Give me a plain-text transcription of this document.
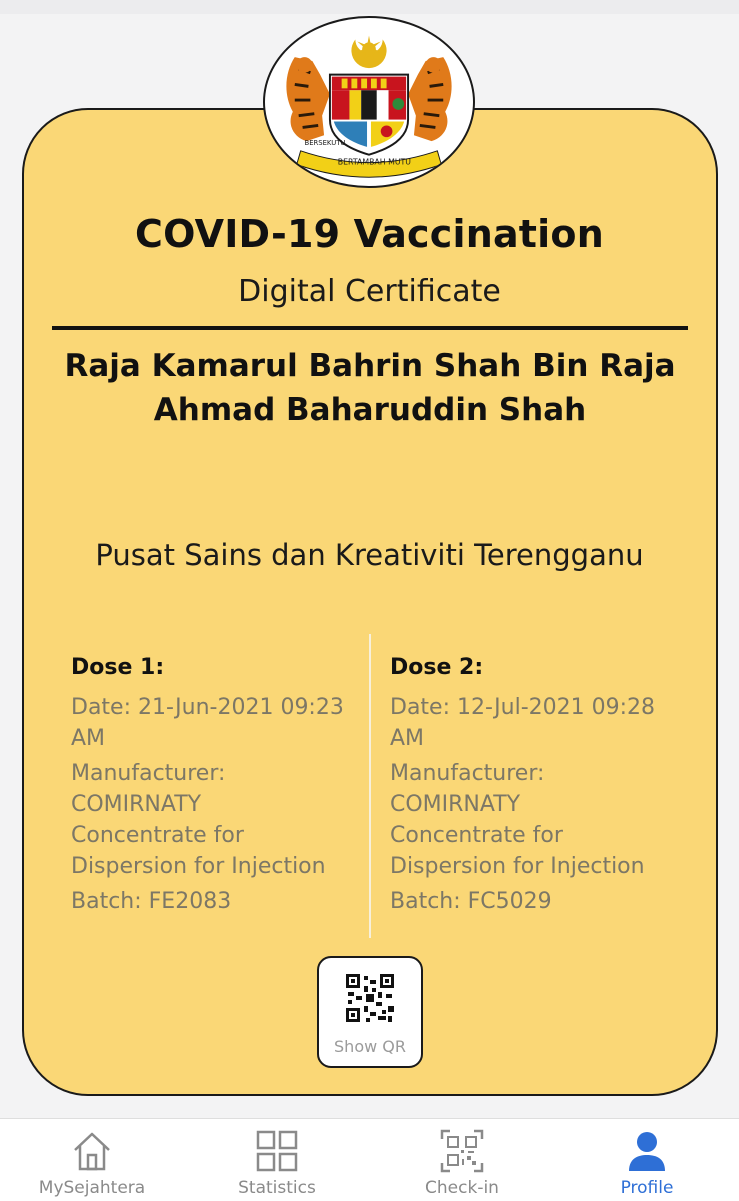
BERTAMBAH MUTU
BERSEKUTU
COVID-19 Vaccination
Digital Certificate
Raja Kamarul Bahrin Shah Bin Raja Ahmad Baharuddin Shah
Pusat Sains dan Kreativiti Terengganu
Dose 1:
Date: 21-Jun-2021 09:23
AM
Manufacturer:
COMIRNATY
Concentrate for
Dispersion for Injection
Batch: FE2083
Dose 2:
Date: 12-Jul-2021 09:28
AM
Manufacturer:
COMIRNATY
Concentrate for
Dispersion for Injection
Batch: FC5029
Show QR
MySejahtera	Statistics	Check-in	Profile
